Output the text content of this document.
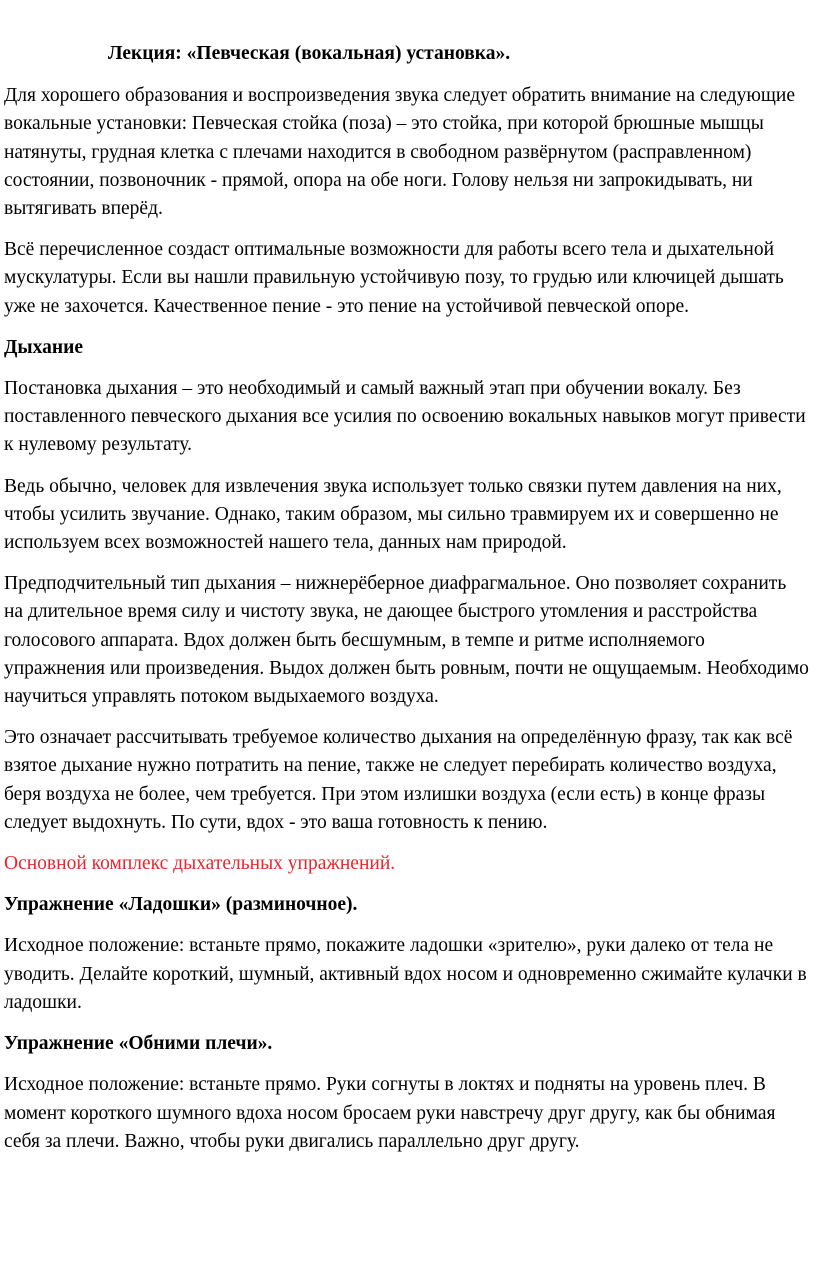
Лекция: «Певческая (вокальная) установка».

Для хорошего образования и воспроизведения звука следует обратить внимание на следующие вокальные установки: Певческая стойка (поза) – это стойка, при которой брюшные мышцы натянуты, грудная клетка с плечами находится в свободном развёрнутом (расправленном) состоянии, позвоночник - прямой, опора на обе ноги. Голову нельзя ни запрокидывать, ни вытягивать вперёд.

Всё перечисленное создаст оптимальные возможности для работы всего тела и дыхательной мускулатуры. Если вы нашли правильную устойчивую позу, то грудью или ключицей дышать уже не захочется. Качественное пение - это пение на устойчивой певческой опоре.

Дыхание

Постановка дыхания – это необходимый и самый важный этап при обучении вокалу. Без поставленного певческого дыхания все усилия по освоению вокальных навыков могут привести к нулевому результату.

Ведь обычно, человек для извлечения звука использует только связки путем давления на них, чтобы усилить звучание. Однако, таким образом, мы сильно травмируем их и совершенно не используем всех возможностей нашего тела, данных нам природой.

Предподчительный тип дыхания – нижнерёберное диафрагмальное. Оно позволяет сохранить на длительное время силу и чистоту звука, не дающее быстрого утомления и расстройства голосового аппарата. Вдох должен быть бесшумным, в темпе и ритме исполняемого упражнения или произведения. Выдох должен быть ровным, почти не ощущаемым. Необходимо научиться управлять потоком выдыхаемого воздуха.

Это означает рассчитывать требуемое количество дыхания на определённую фразу, так как всё взятое дыхание нужно потратить на пение, также не следует перебирать количество воздуха, беря воздуха не более, чем требуется. При этом излишки воздуха (если есть) в конце фразы следует выдохнуть. По сути, вдох - это ваша готовность к пению.

Основной комплекс дыхательных упражнений.

Упражнение «Ладошки» (разминочное).

Исходное положение: встаньте прямо, покажите ладошки «зрителю», руки далеко от тела не уводить. Делайте короткий, шумный, активный вдох носом и одновременно сжимайте кулачки в ладошки.

Упражнение «Обними плечи».

Исходное положение: встаньте прямо. Руки согнуты в локтях и подняты на уровень плеч. В момент короткого шумного вдоха носом бросаем руки навстречу друг другу, как бы обнимая себя за плечи. Важно, чтобы руки двигались параллельно друг другу.
